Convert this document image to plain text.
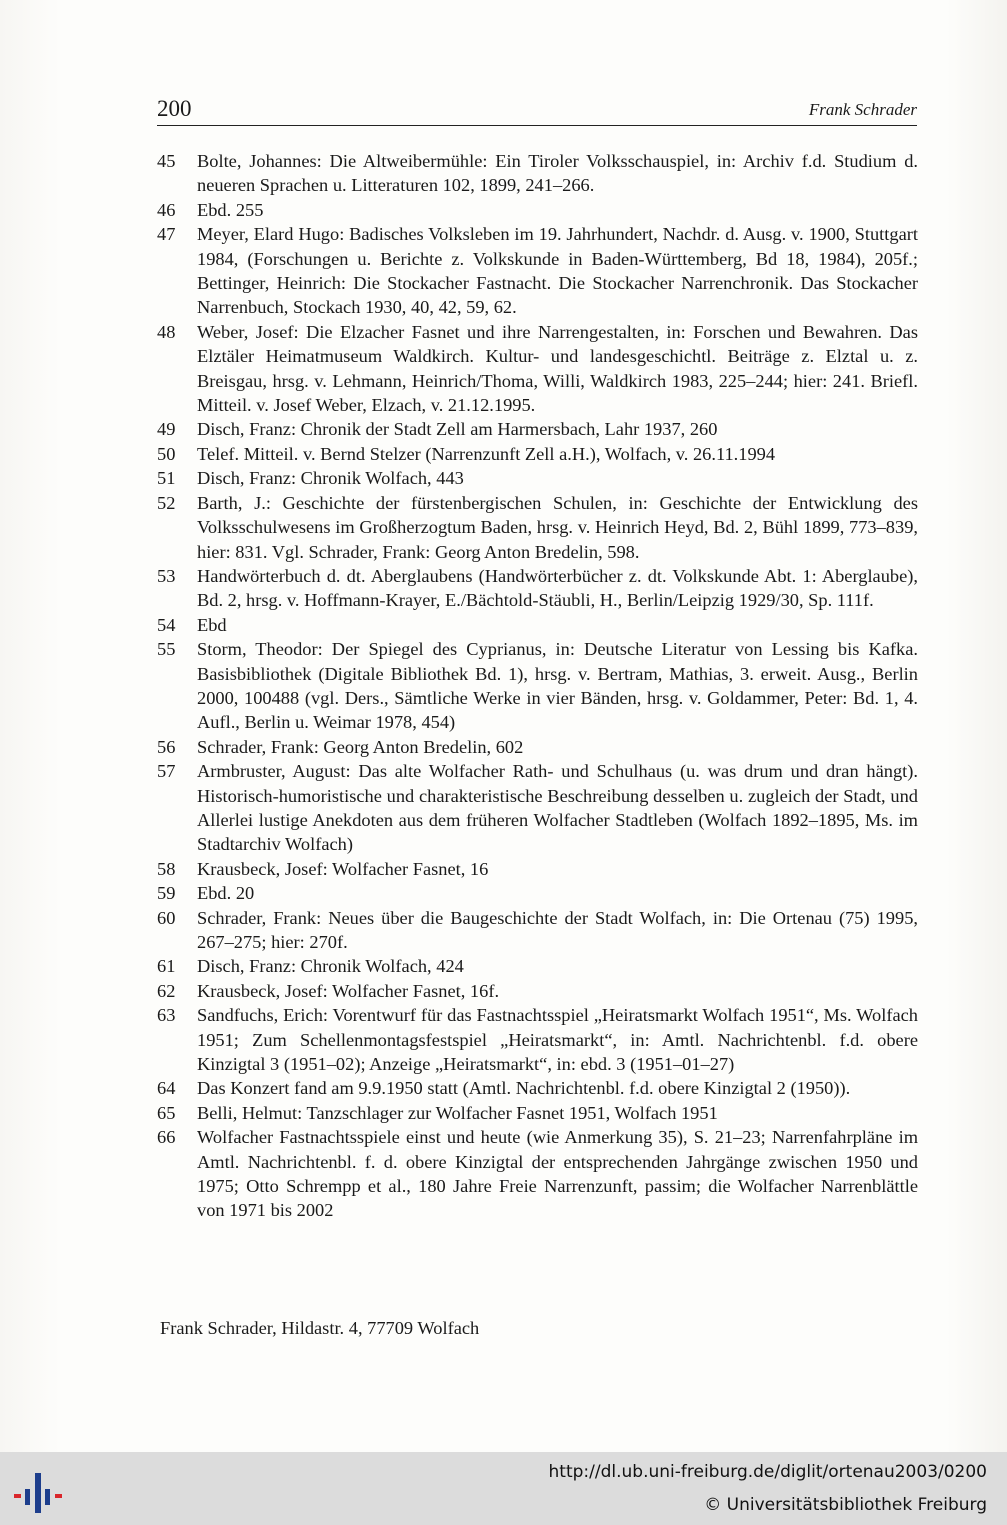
200	Frank Schrader
45	Bolte, Johannes: Die Altweibermühle: Ein Tiroler Volksschauspiel, in: Archiv f.d. Studium d. neueren Sprachen u. Litteraturen 102, 1899, 241–266.
46	Ebd. 255
47	Meyer, Elard Hugo: Badisches Volksleben im 19. Jahrhundert, Nachdr. d. Ausg. v. 1900, Stuttgart 1984, (Forschungen u. Berichte z. Volkskunde in Baden-Württemberg, Bd 18, 1984), 205f.; Bettinger, Heinrich: Die Stockacher Fastnacht. Die Stockacher Narrenchronik. Das Stockacher Narrenbuch, Stockach 1930, 40, 42, 59, 62.
48	Weber, Josef: Die Elzacher Fasnet und ihre Narrengestalten, in: Forschen und Bewahren. Das Elztäler Heimatmuseum Waldkirch. Kultur- und landesgeschichtl. Beiträge z. Elztal u. z. Breisgau, hrsg. v. Lehmann, Heinrich/Thoma, Willi, Waldkirch 1983, 225–244; hier: 241. Briefl. Mitteil. v. Josef Weber, Elzach, v. 21.12.1995.
49	Disch, Franz: Chronik der Stadt Zell am Harmersbach, Lahr 1937, 260
50	Telef. Mitteil. v. Bernd Stelzer (Narrenzunft Zell a.H.), Wolfach, v. 26.11.1994
51	Disch, Franz: Chronik Wolfach, 443
52	Barth, J.: Geschichte der fürstenbergischen Schulen, in: Geschichte der Entwicklung des Volksschulwesens im Großherzogtum Baden, hrsg. v. Heinrich Heyd, Bd. 2, Bühl 1899, 773–839, hier: 831. Vgl. Schrader, Frank: Georg Anton Bredelin, 598.
53	Handwörterbuch d. dt. Aberglaubens (Handwörterbücher z. dt. Volkskunde Abt. 1: Aberglaube), Bd. 2, hrsg. v. Hoffmann-Krayer, E./Bächtold-Stäubli, H., Berlin/Leipzig 1929/30, Sp. 111f.
54	Ebd
55	Storm, Theodor: Der Spiegel des Cyprianus, in: Deutsche Literatur von Lessing bis Kafka. Basisbibliothek (Digitale Bibliothek Bd. 1), hrsg. v. Bertram, Mathias, 3. erweit. Ausg., Berlin 2000, 100488 (vgl. Ders., Sämtliche Werke in vier Bänden, hrsg. v. Goldammer, Peter: Bd. 1, 4. Aufl., Berlin u. Weimar 1978, 454)
56	Schrader, Frank: Georg Anton Bredelin, 602
57	Armbruster, August: Das alte Wolfacher Rath- und Schulhaus (u. was drum und dran hängt). Historisch-humoristische und charakteristische Beschreibung desselben u. zugleich der Stadt, und Allerlei lustige Anekdoten aus dem früheren Wolfacher Stadtleben (Wolfach 1892–1895, Ms. im Stadtarchiv Wolfach)
58	Krausbeck, Josef: Wolfacher Fasnet, 16
59	Ebd. 20
60	Schrader, Frank: Neues über die Baugeschichte der Stadt Wolfach, in: Die Ortenau (75) 1995, 267–275; hier: 270f.
61	Disch, Franz: Chronik Wolfach, 424
62	Krausbeck, Josef: Wolfacher Fasnet, 16f.
63	Sandfuchs, Erich: Vorentwurf für das Fastnachtsspiel „Heiratsmarkt Wolfach 1951“, Ms. Wolfach 1951; Zum Schellenmontagsfestspiel „Heiratsmarkt“, in: Amtl. Nachrichtenbl. f.d. obere Kinzigtal 3 (1951–02); Anzeige „Heiratsmarkt“, in: ebd. 3 (1951–01–27)
64	Das Konzert fand am 9.9.1950 statt (Amtl. Nachrichtenbl. f.d. obere Kinzigtal 2 (1950)).
65	Belli, Helmut: Tanzschlager zur Wolfacher Fasnet 1951, Wolfach 1951
66	Wolfacher Fastnachtsspiele einst und heute (wie Anmerkung 35), S. 21–23; Narrenfahrpläne im Amtl. Nachrichtenbl. f. d. obere Kinzigtal der entsprechenden Jahrgänge zwischen 1950 und 1975; Otto Schrempp et al., 180 Jahre Freie Narrenzunft, passim; die Wolfacher Narrenblättle von 1971 bis 2002
Frank Schrader, Hildastr. 4, 77709 Wolfach
http://dl.ub.uni-freiburg.de/diglit/ortenau2003/0200
© Universitätsbibliothek Freiburg
